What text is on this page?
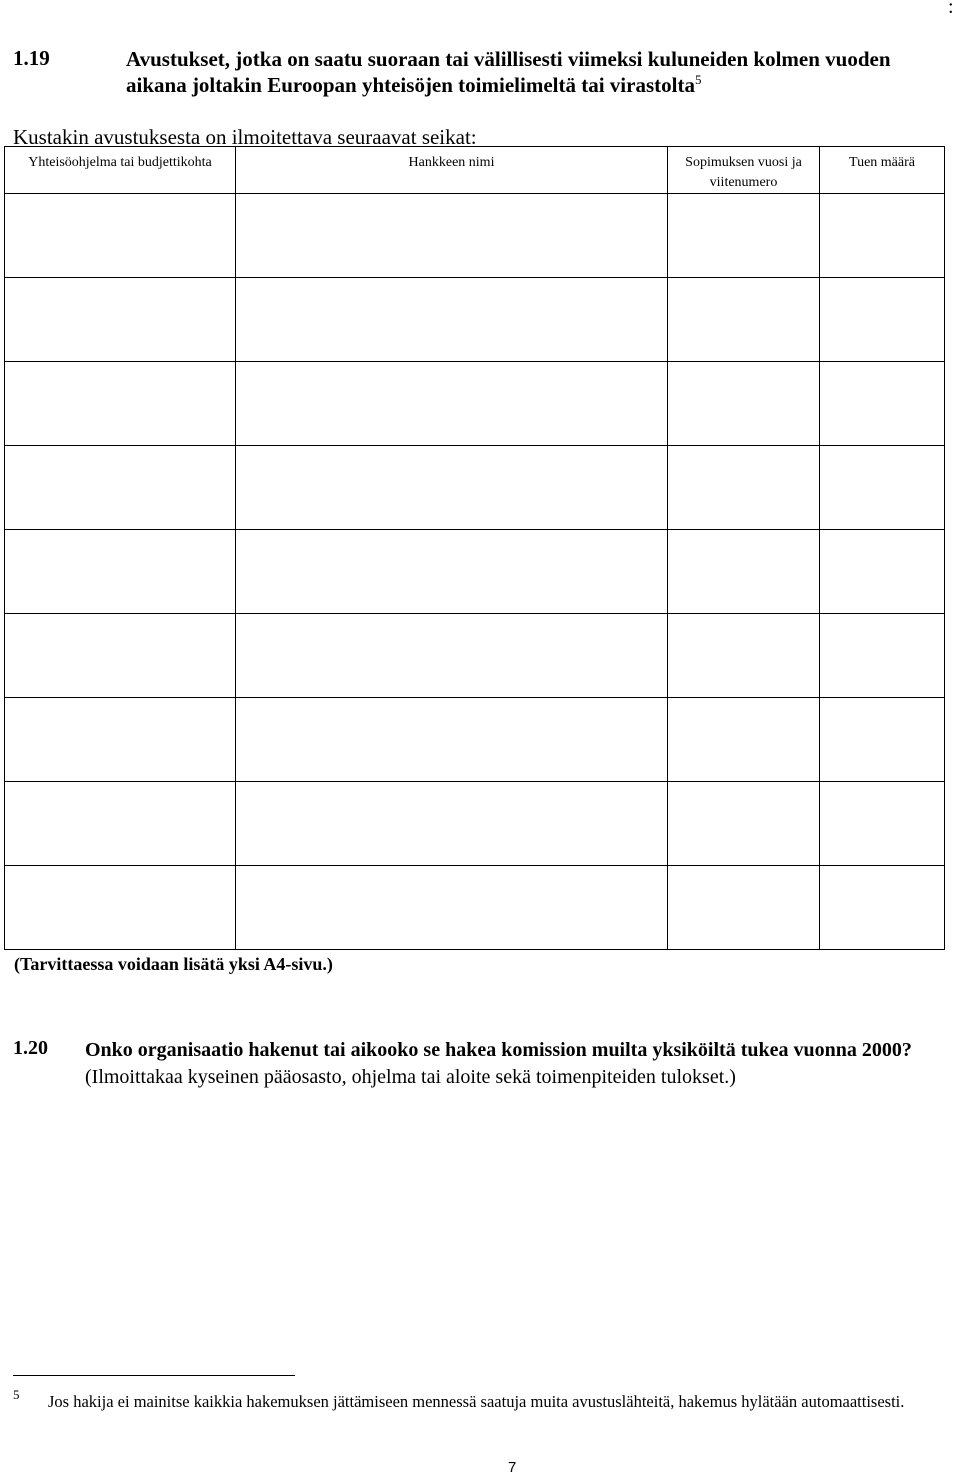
:
1.19	Avustukset, jotka on saatu suoraan tai välillisesti viimeksi kuluneiden kolmen vuoden aikana joltakin Euroopan yhteisöjen toimielimeltä tai virastolta$^5$
Kustakin avustuksesta on ilmoitettava seuraavat seikat:
Yhteisöohjelma tai budjettikohta	Hankkeen nimi	Sopimuksen vuosi ja viitenumero	Tuen määrä

(Tarvittaessa voidaan lisätä yksi A4-sivu.)
1.20 Onko organisaatio hakenut tai aikooko se hakea komission muilta yksiköiltä tukea vuonna 2000? (Ilmoittakaa kyseinen pääosasto, ohjelma tai aloite sekä toimenpiteiden tulokset.)
5 Jos hakija ei mainitse kaikkia hakemuksen jättämiseen mennessä saatuja muita avustuslähteitä, hakemus hylätään automaattisesti.
7
